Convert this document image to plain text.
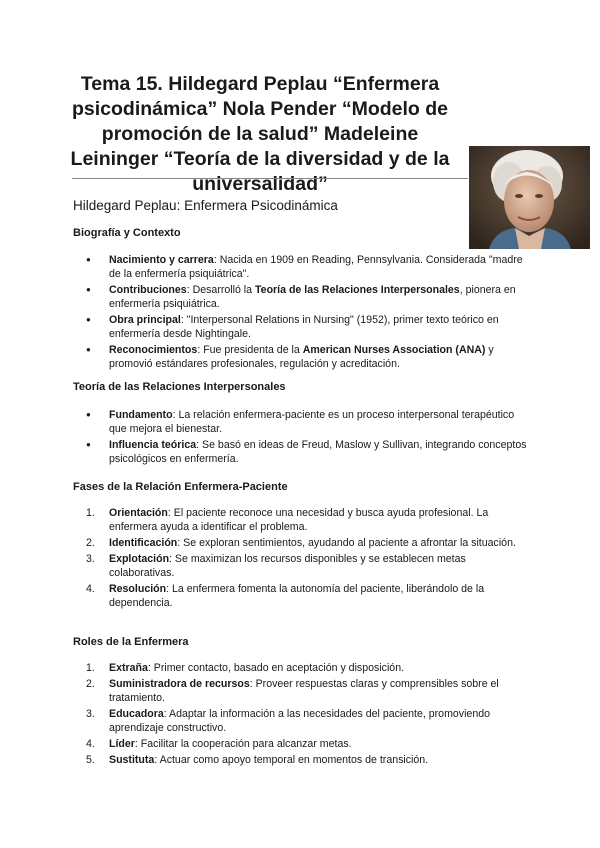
Tema 15. Hildegard Peplau “Enfermera psicodinámica” Nola Pender “Modelo de promoción de la salud” Madeleine Leininger “Teoría de la diversidad y de la universalidad”
Hildegard Peplau: Enfermera Psicodinámica
Biografía y Contexto
● Nacimiento y carrera: Nacida en 1909 en Reading, Pennsylvania. Considerada "madre de la enfermería psiquiátrica".
● Contribuciones: Desarrolló la Teoría de las Relaciones Interpersonales, pionera en enfermería psiquiátrica.
● Obra principal: "Interpersonal Relations in Nursing" (1952), primer texto teórico en enfermería desde Nightingale.
● Reconocimientos: Fue presidenta de la American Nurses Association (ANA) y promovió estándares profesionales, regulación y acreditación.
Teoría de las Relaciones Interpersonales
● Fundamento: La relación enfermera-paciente es un proceso interpersonal terapéutico que mejora el bienestar.
● Influencia teórica: Se basó en ideas de Freud, Maslow y Sullivan, integrando conceptos psicológicos en enfermería.
Fases de la Relación Enfermera-Paciente
1. Orientación: El paciente reconoce una necesidad y busca ayuda profesional. La enfermera ayuda a identificar el problema.
2. Identificación: Se exploran sentimientos, ayudando al paciente a afrontar la situación.
3. Explotación: Se maximizan los recursos disponibles y se establecen metas colaborativas.
4. Resolución: La enfermera fomenta la autonomía del paciente, liberándolo de la dependencia.
Roles de la Enfermera
1. Extraña: Primer contacto, basado en aceptación y disposición.
2. Suministradora de recursos: Proveer respuestas claras y comprensibles sobre el tratamiento.
3. Educadora: Adaptar la información a las necesidades del paciente, promoviendo aprendizaje constructivo.
4. Líder: Facilitar la cooperación para alcanzar metas.
5. Sustituta: Actuar como apoyo temporal en momentos de transición.
